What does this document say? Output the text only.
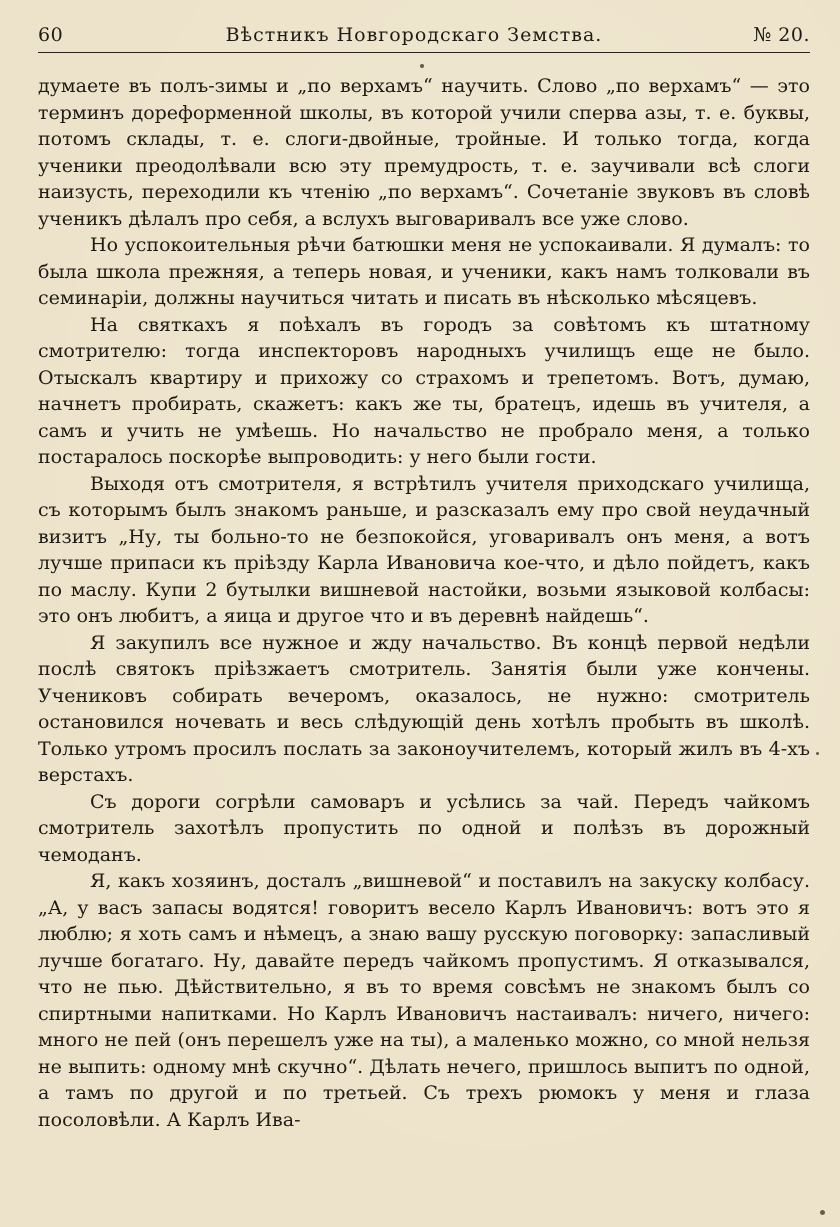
60	Вѣстникъ Новгородскаго Земства.	№ 20.

думаете въ полъ-зимы и „по верхамъ“ научить. Слово „по верхамъ“ — это терминъ дореформенной школы, въ которой учили сперва азы, т. е. буквы, потомъ склады, т. е. слоги-двойные, тройные. И только тогда, когда ученики преодолѣвали всю эту премудрость, т. е. заучивали всѣ слоги наизусть, переходили къ чтенію „по верхамъ“. Сочетаніе звуковъ въ словѣ ученикъ дѣлалъ про себя, а вслухъ выговаривалъ все уже слово.

Но успокоительныя рѣчи батюшки меня не успокаивали. Я думалъ: то была школа прежняя, а теперь новая, и ученики, какъ намъ толковали въ семинаріи, должны научиться читать и писать въ нѣсколько мѣсяцевъ.

На святкахъ я поѣхалъ въ городъ за совѣтомъ къ штатному смотрителю: тогда инспекторовъ народныхъ училищъ еще не было. Отыскалъ квартиру и прихожу со страхомъ и трепетомъ. Вотъ, думаю, начнетъ пробирать, скажетъ: какъ же ты, братецъ, идешь въ учителя, а самъ и учить не умѣешь. Но начальство не пробрало меня, а только постаралось поскорѣе выпроводить: у него были гости.

Выходя отъ смотрителя, я встрѣтилъ учителя приходскаго училища, съ которымъ былъ знакомъ раньше, и разсказалъ ему про свой неудачный визитъ „Ну, ты больно-то не безпокойся, уговаривалъ онъ меня, а вотъ лучше припаси къ пріѣзду Карла Ивановича кое-что, и дѣло пойдетъ, какъ по маслу. Купи 2 бутылки вишневой настойки, возьми языковой колбасы: это онъ любитъ, а яица и другое что и въ деревнѣ найдешь“.

Я закупилъ все нужное и жду начальство. Въ концѣ первой недѣли послѣ святокъ пріѣзжаетъ смотритель. Занятія были уже кончены. Учениковъ собирать вечеромъ, оказалось, не нужно: смотритель остановился ночевать и весь слѣдующій день хотѣлъ пробыть въ школѣ. Только утромъ просилъ послать за законоучителемъ, который жилъ въ 4-хъ верстахъ.

Съ дороги согрѣли самоваръ и усѣлись за чай. Передъ чайкомъ смотритель захотѣлъ пропустить по одной и полѣзъ въ дорожный чемоданъ.

Я, какъ хозяинъ, досталъ „вишневой“ и поставилъ на закуску колбасу. „А, у васъ запасы водятся! говоритъ весело Карлъ Ивановичъ: вотъ это я люблю; я хоть самъ и нѣмецъ, а знаю вашу русскую поговорку: запасливый лучше богатаго. Ну, давайте передъ чайкомъ пропустимъ. Я отказывался, что не пью. Дѣйствительно, я въ то время совсѣмъ не знакомъ былъ со спиртными напитками. Но Карлъ Ивановичъ настаивалъ: ничего, ничего: много не пей (онъ перешелъ уже на ты), а маленько можно, со мной нельзя не выпить: одному мнѣ скучно“. Дѣлать нечего, пришлось выпитъ по одной, а тамъ по другой и по третьей. Съ трехъ рюмокъ у меня и глаза посоловѣли. А Карлъ Ива-
